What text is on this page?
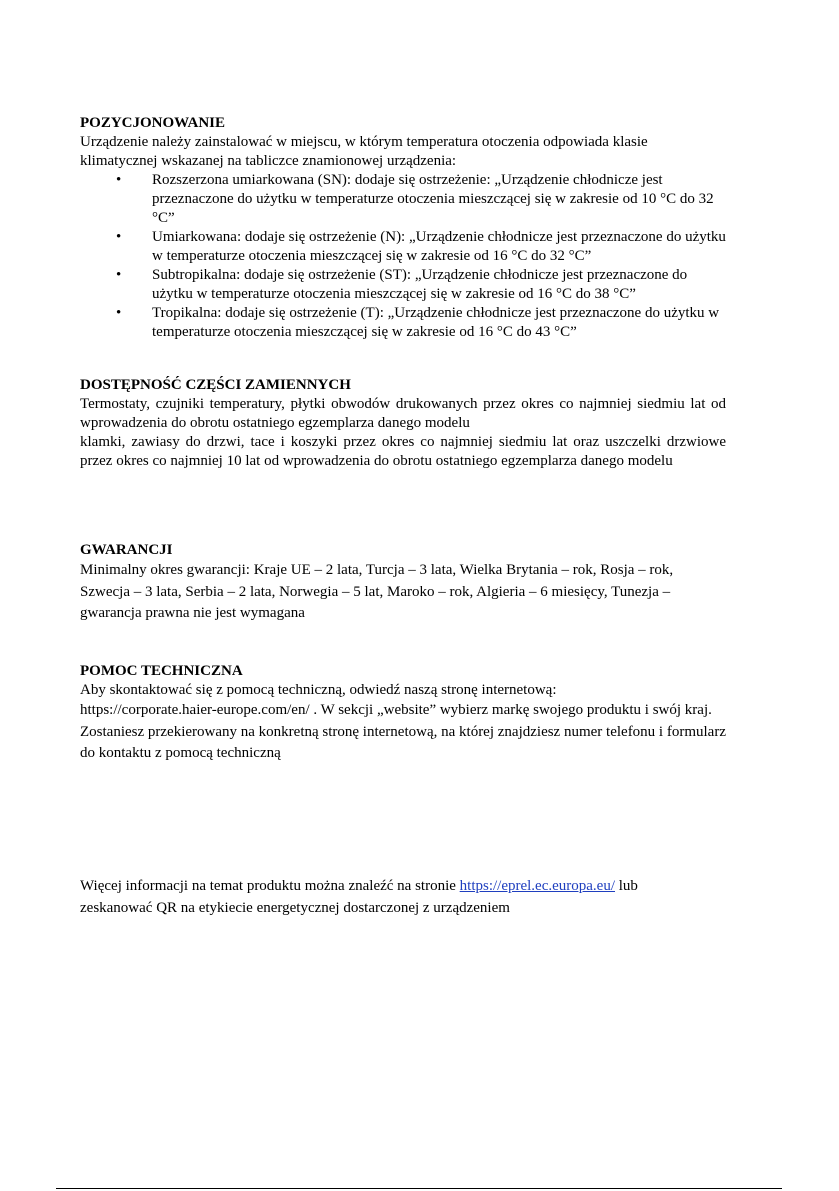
POZYCJONOWANIE

Urządzenie należy zainstalować w miejscu, w którym temperatura otoczenia odpowiada klasie

klimatycznej wskazanej na tabliczce znamionowej urządzenia:

• Rozszerzona umiarkowana (SN): dodaje się ostrzeżenie: „Urządzenie chłodnicze jest przeznaczone do użytku w temperaturze otoczenia mieszczącej się w zakresie od 10 °C do 32 °C”
• Umiarkowana: dodaje się ostrzeżenie (N): „Urządzenie chłodnicze jest przeznaczone do użytku w temperaturze otoczenia mieszczącej się w zakresie od 16 °C do 32 °C”
• Subtropikalna: dodaje się ostrzeżenie (ST): „Urządzenie chłodnicze jest przeznaczone do użytku w temperaturze otoczenia mieszczącej się w zakresie od 16 °C do 38 °C”
• Tropikalna: dodaje się ostrzeżenie (T): „Urządzenie chłodnicze jest przeznaczone do użytku w temperaturze otoczenia mieszczącej się w zakresie od 16 °C do 43 °C”

DOSTĘPNOŚĆ CZĘŚCI ZAMIENNYCH

Termostaty, czujniki temperatury, płytki obwodów drukowanych przez okres co najmniej siedmiu lat od wprowadzenia do obrotu ostatniego egzemplarza danego modelu

klamki, zawiasy do drzwi, tace i koszyki przez okres co najmniej siedmiu lat oraz uszczelki drzwiowe przez okres co najmniej 10 lat od wprowadzenia do obrotu ostatniego egzemplarza danego modelu

GWARANCJI

Minimalny okres gwarancji: Kraje UE – 2 lata, Turcja – 3 lata, Wielka Brytania – rok, Rosja – rok, Szwecja – 3 lata, Serbia – 2 lata, Norwegia – 5 lat, Maroko – rok, Algieria – 6 miesięcy, Tunezja – gwarancja prawna nie jest wymagana

POMOC TECHNICZNA

Aby skontaktować się z pomocą techniczną, odwiedź naszą stronę internetową:

https://corporate.haier-europe.com/en/ . W sekcji „website” wybierz markę swojego produktu i swój kraj. Zostaniesz przekierowany na konkretną stronę internetową, na której znajdziesz numer telefonu i formularz do kontaktu z pomocą techniczną

Więcej informacji na temat produktu można znaleźć na stronie https://eprel.ec.europa.eu/ lub zeskanować QR na etykiecie energetycznej dostarczonej z urządzeniem
